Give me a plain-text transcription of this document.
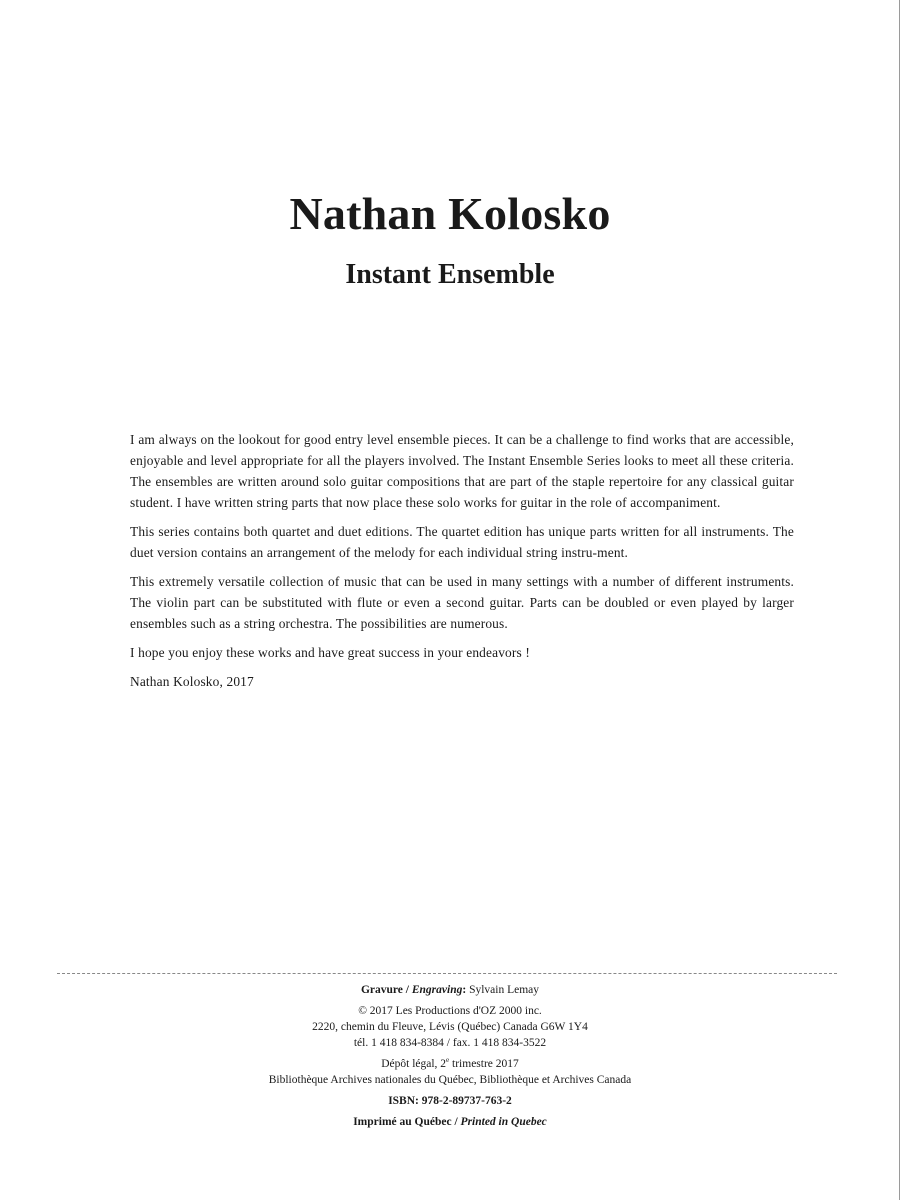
Nathan Kolosko
Instant Ensemble

I am always on the lookout for good entry level ensemble pieces. It can be a challenge to find works that are accessible, enjoyable and level appropriate for all the players involved. The Instant Ensemble Series looks to meet all these criteria. The ensembles are written around solo guitar compositions that are part of the staple repertoire for any classical guitar student. I have written string parts that now place these solo works for guitar in the role of accompaniment.

This series contains both quartet and duet editions. The quartet edition has unique parts written for all instruments. The duet version contains an arrangement of the melody for each individual string instru-ment.

This extremely versatile collection of music that can be used in many settings with a number of different instruments. The violin part can be substituted with flute or even a second guitar. Parts can be doubled or even played by larger ensembles such as a string orchestra. The possibilities are numerous.

I hope you enjoy these works and have great success in your endeavors !

Nathan Kolosko, 2017

Gravure / Engraving: Sylvain Lemay
© 2017 Les Productions d'OZ 2000 inc.
2220, chemin du Fleuve, Lévis (Québec) Canada G6W 1Y4
tél. 1 418 834-8384 / fax. 1 418 834-3522
Dépôt légal, 2e trimestre 2017
Bibliothèque Archives nationales du Québec, Bibliothèque et Archives Canada
ISBN: 978-2-89737-763-2
Imprimé au Québec / Printed in Quebec
